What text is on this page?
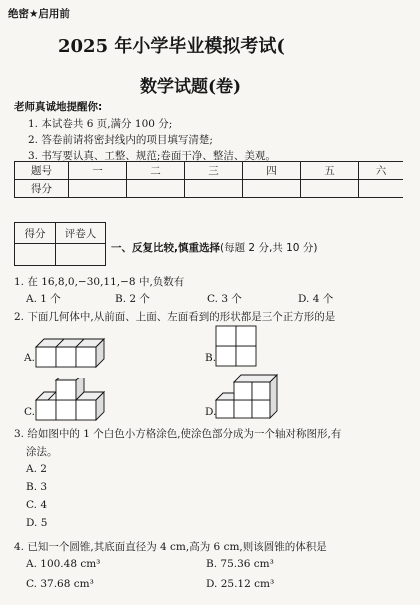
绝密★启用前
2025 年小学毕业模拟考试(
数学试题(卷)
老师真诚地提醒你:
1. 本试卷共 6 页,满分 100 分;
2. 答卷前请将密封线内的项目填写清楚;
3. 书写要认真、工整、规范;卷面干净、整洁、美观。
题号	一	二	三	四	五	六
得分						
得分	评卷人

一、反复比较,慎重选择(每题 2 分,共 10 分)
1. 在 16,8,0,−30,11,−8 中,负数有
A. 1 个	B. 2 个	C. 3 个	D. 4 个
2. 下面几何体中,从前面、上面、左面看到的形状都是三个正方形的是
A.	B.
C.	D.
3. 给如图中的 1 个白色小方格涂色,使涂色部分成为一个轴对称图形,有
涂法。
A. 2
B. 3
C. 4
D. 5
4. 已知一个圆锥,其底面直径为 4 cm,高为 6 cm,则该圆锥的体积是
A. 100.48 cm³	B. 75.36 cm³
C. 37.68 cm³	D. 25.12 cm³
